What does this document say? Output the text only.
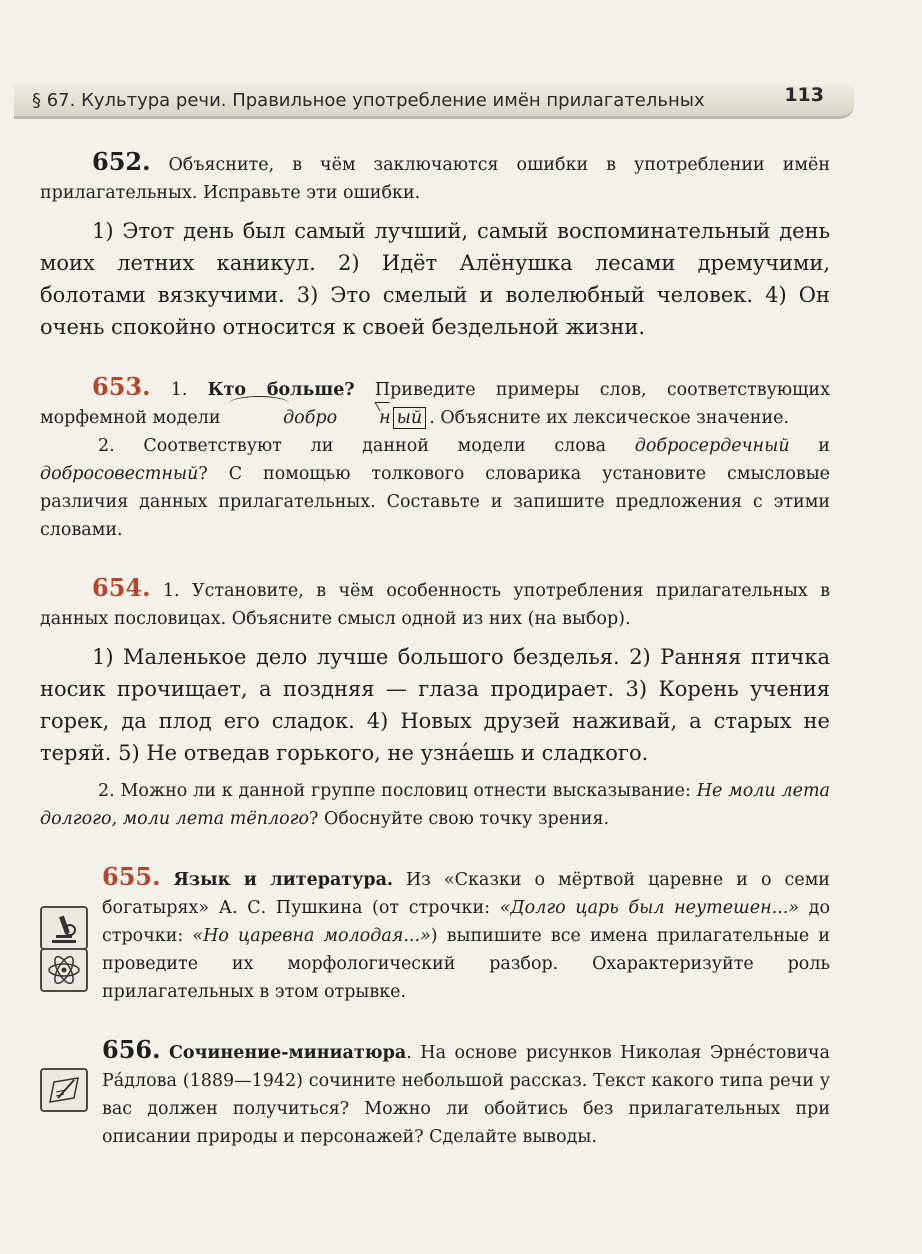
§ 67. Культура речи. Правильное употребление имён прилагательных	113

652. Объясните, в чём заключаются ошибки в употреблении имён прилагательных. Исправьте эти ошибки.

1) Этот день был самый лучший, самый воспоминательный день моих летних каникул. 2) Идёт Алёнушка лесами дремучими, болотами вязкучими. 3) Это смелый и волелюбный человек. 4) Он очень спокойно относится к своей бездельной жизни.

653. 1. Кто больше? Приведите примеры слов, соответствующих морфемной модели	добро н ый . Объясните их лексическое значение.

2. Соответствуют ли данной модели слова добросердечный и добросовестный? С помощью толкового словарика установите смысловые различия данных прилагательных. Составьте и запишите предложения с этими словами.

654. 1. Установите, в чём особенность употребления прилагательных в данных пословицах. Объясните смысл одной из них (на выбор).

1) Маленькое дело лучше большого безделья. 2) Ранняя птичка носик прочищает, а поздняя — глаза продирает. 3) Корень учения горек, да плод его сладок. 4) Новых друзей наживай, а старых не теряй. 5) Не отведав горького, не узна́ешь и сладкого.

2. Можно ли к данной группе пословиц отнести высказывание: Не моли лета долгого, моли лета тёплого? Обоснуйте свою точку зрения.

655. Язык и литература. Из «Сказки о мёртвой царевне и о семи богатырях» А. С. Пушкина (от строчки: «Долго царь был неутешен...» до строчки: «Но царевна молодая...») выпишите все имена прилагательные и проведите их морфологический разбор. Охарактеризуйте роль прилагательных в этом отрывке.

656. Сочинение-миниатюра. На основе рисунков Николая Эрнéстовича Рáдлова (1889—1942) сочините небольшой рассказ. Текст какого типа речи у вас должен получиться? Можно ли обойтись без прилагательных при описании природы и персонажей? Сделайте выводы.
